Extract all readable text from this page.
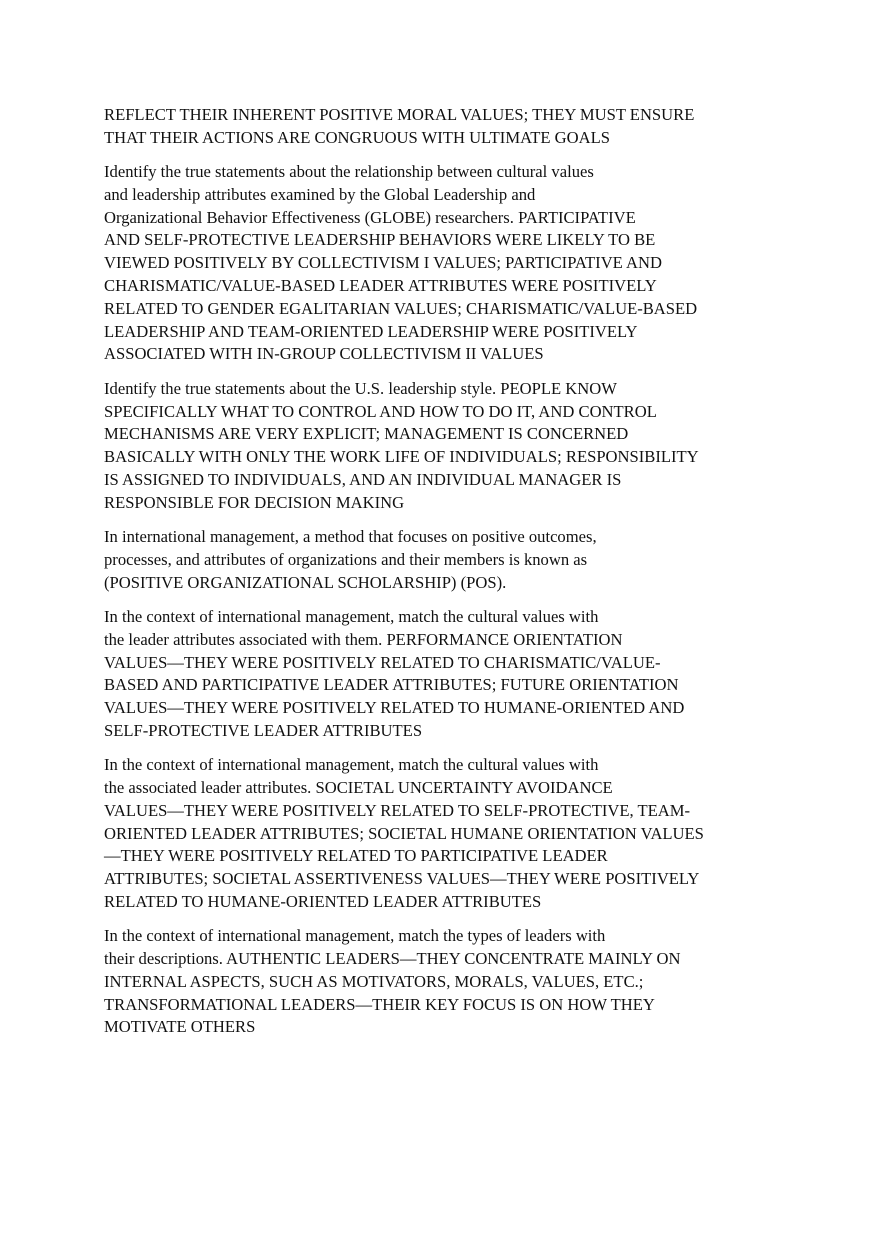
REFLECT THEIR INHERENT POSITIVE MORAL VALUES; THEY MUST ENSURE
THAT THEIR ACTIONS ARE CONGRUOUS WITH ULTIMATE GOALS

Identify the true statements about the relationship between cultural values
and leadership attributes examined by the Global Leadership and
Organizational Behavior Effectiveness (GLOBE) researchers. PARTICIPATIVE
AND SELF-PROTECTIVE LEADERSHIP BEHAVIORS WERE LIKELY TO BE
VIEWED POSITIVELY BY COLLECTIVISM I VALUES; PARTICIPATIVE AND
CHARISMATIC/VALUE-BASED LEADER ATTRIBUTES WERE POSITIVELY
RELATED TO GENDER EGALITARIAN VALUES; CHARISMATIC/VALUE-BASED
LEADERSHIP AND TEAM-ORIENTED LEADERSHIP WERE POSITIVELY
ASSOCIATED WITH IN-GROUP COLLECTIVISM II VALUES

Identify the true statements about the U.S. leadership style. PEOPLE KNOW
SPECIFICALLY WHAT TO CONTROL AND HOW TO DO IT, AND CONTROL
MECHANISMS ARE VERY EXPLICIT; MANAGEMENT IS CONCERNED
BASICALLY WITH ONLY THE WORK LIFE OF INDIVIDUALS; RESPONSIBILITY
IS ASSIGNED TO INDIVIDUALS, AND AN INDIVIDUAL MANAGER IS
RESPONSIBLE FOR DECISION MAKING

In international management, a method that focuses on positive outcomes,
processes, and attributes of organizations and their members is known as
(POSITIVE ORGANIZATIONAL SCHOLARSHIP) (POS).

In the context of international management, match the cultural values with
the leader attributes associated with them. PERFORMANCE ORIENTATION
VALUES—THEY WERE POSITIVELY RELATED TO CHARISMATIC/VALUE-
BASED AND PARTICIPATIVE LEADER ATTRIBUTES; FUTURE ORIENTATION
VALUES—THEY WERE POSITIVELY RELATED TO HUMANE-ORIENTED AND
SELF-PROTECTIVE LEADER ATTRIBUTES

In the context of international management, match the cultural values with
the associated leader attributes. SOCIETAL UNCERTAINTY AVOIDANCE
VALUES—THEY WERE POSITIVELY RELATED TO SELF-PROTECTIVE, TEAM-
ORIENTED LEADER ATTRIBUTES; SOCIETAL HUMANE ORIENTATION VALUES
—THEY WERE POSITIVELY RELATED TO PARTICIPATIVE LEADER
ATTRIBUTES; SOCIETAL ASSERTIVENESS VALUES—THEY WERE POSITIVELY
RELATED TO HUMANE-ORIENTED LEADER ATTRIBUTES

In the context of international management, match the types of leaders with
their descriptions. AUTHENTIC LEADERS—THEY CONCENTRATE MAINLY ON
INTERNAL ASPECTS, SUCH AS MOTIVATORS, MORALS, VALUES, ETC.;
TRANSFORMATIONAL LEADERS—THEIR KEY FOCUS IS ON HOW THEY
MOTIVATE OTHERS
